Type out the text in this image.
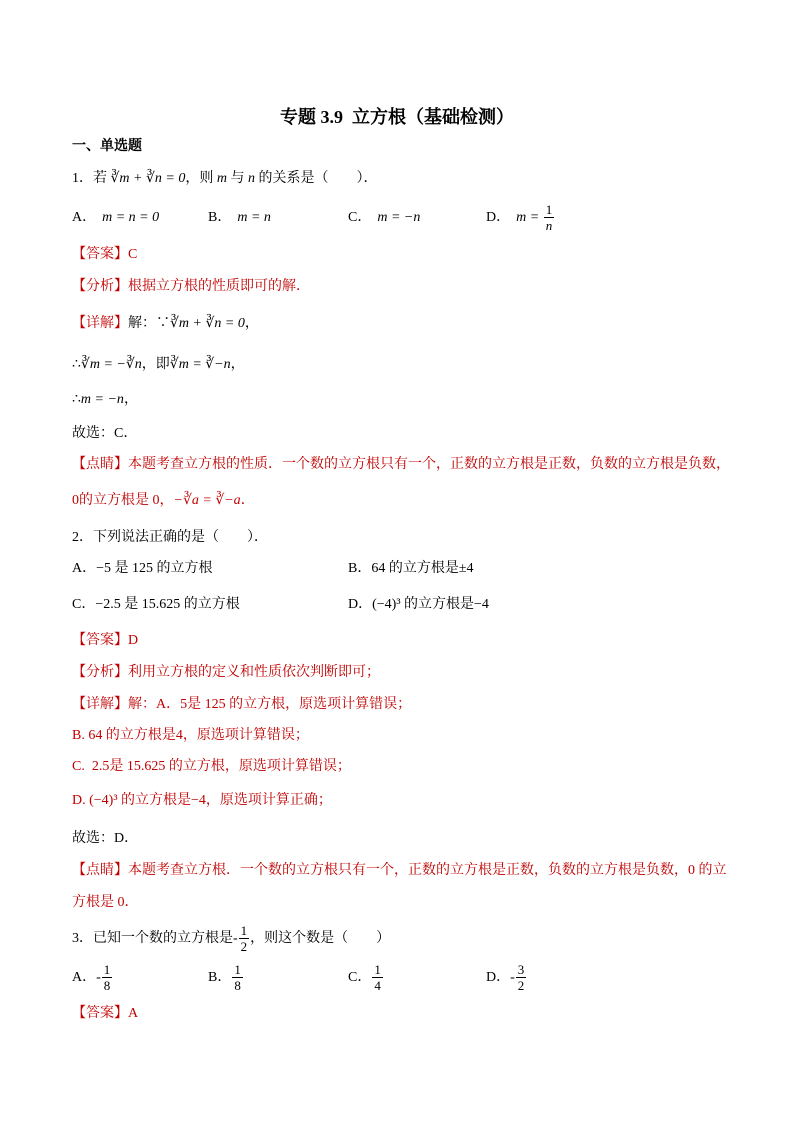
专题 3.9  立方根（基础检测）
一、单选题
1． 若  ∛m + ∛n = 0 ，则  m  与  n  的关系是（　　）．
A． m = n = 0	B． m = n	C． m = −n	D． $m = \frac{1}{n}$
【答案】 C
【分析】 根据立方根的性质即可的解．
【详解】 解：∵ ∛m + ∛n = 0 ，
∴ ∛m = −∛n ，即 ∛m = ∛−n ，
∴ m = −n ，
故选：C．
【点睛】 本题考查立方根的性质．一个数的立方根只有一个，正数的立方根是正数，负数的立方根是负数，
0的立方根是 0， −∛a = ∛−a ．
2． 下列说法正确的是（　　）．
A． −5 是 125 的立方根	B． 64 的立方根是±4
C． −2.5 是 15.625 的立方根	D． (−4)³ 的立方根是−4
【答案】 D
【分析】 利用立方根的定义和性质依次判断即可；
【详解】 解：A．5是 125 的立方根，原选项计算错误；
B. 64 的立方根是4，原选项计算错误；
C.  2.5是 15.625 的立方根，原选项计算错误；
D. (−4)³ 的立方根是−4，原选项计算正确；
故选：D．
【点睛】 本题考查立方根．一个数的立方根只有一个，正数的立方根是正数，负数的立方根是负数，0 的立
方根是 0．
3．已知一个数的立方根是- $\frac{1}{2}$ ，则这个数是（　　）
A．- $\frac{1}{8}$	B． $\frac{1}{8}$	C． $\frac{1}{4}$	D．- $\frac{3}{2}$
【答案】 A
